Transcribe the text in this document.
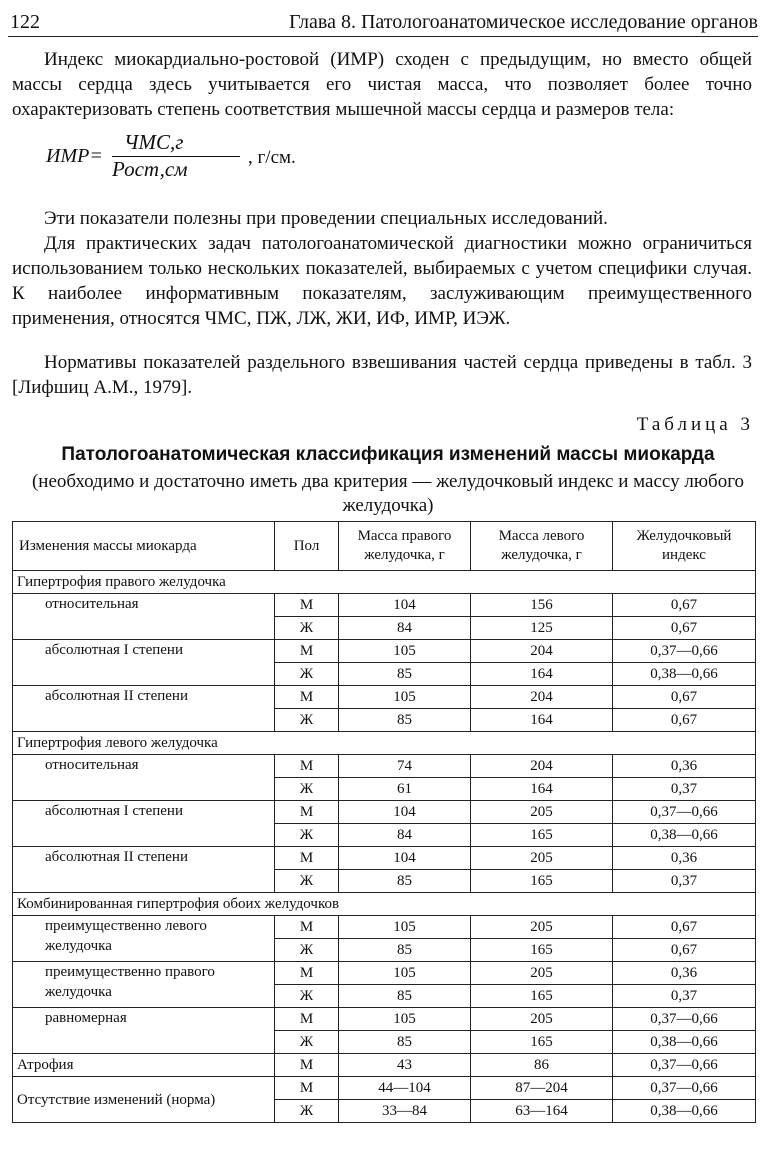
122	Глава 8. Патологоанатомическое исследование органов

Индекс миокардиально-ростовой (ИМР) сходен с предыдущим, но вместо общей массы сердца здесь учитывается его чистая масса, что позволяет более точно охарактеризовать степень соответствия мышечной массы сердца и размеров тела:

ИМР=
ЧМС,г
Рост,см	, г/см.

Эти показатели полезны при проведении специальных исследований.

Для практических задач патологоанатомической диагностики можно ограничиться использованием только нескольких показателей, выбираемых с учетом специфики случая. К наиболее информативным показателям, заслуживающим преимущественного применения, относятся ЧМС, ПЖ, ЛЖ, ЖИ, ИФ, ИМР, ИЭЖ.

Нормативы показателей раздельного взвешивания частей сердца приведены в табл. 3 [Лифшиц А.М., 1979].

Таблица 3
Патологоанатомическая классификация изменений массы миокарда
(необходимо и достаточно иметь два критерия — желудочковый индекс и массу любого желудочка)
Изменения массы миокарда	Пол	Масса правого желудочка, г	Масса левого желудочка, г	Желудочковый индекс
Гипертрофия правого желудочка				
относительная	М	104	156	0,67
	Ж	84	125	0,67
абсолютная I степени	М	105	204	0,37—0,66
	Ж	85	164	0,38—0,66
абсолютная II степени	М	105	204	0,67
	Ж	85	164	0,67
Гипертрофия левого желудочка				
относительная	М	74	204	0,36
	Ж	61	164	0,37
абсолютная I степени	М	104	205	0,37—0,66
	Ж	84	165	0,38—0,66
абсолютная II степени	М	104	205	0,36
	Ж	85	165	0,37
Комбинированная гипертрофия обоих желудочков				
преимущественно левого желудочка	М	105	205	0,67
	Ж	85	165	0,67
преимущественно правого желудочка	М	105	205	0,36
	Ж	85	165	0,37
равномерная	М	105	205	0,37—0,66
	Ж	85	165	0,38—0,66
Атрофия	М	43	86	0,37—0,66
Отсутствие изменений (норма)	М	44—104	87—204	0,37—0,66
	Ж	33—84	63—164	0,38—0,66
